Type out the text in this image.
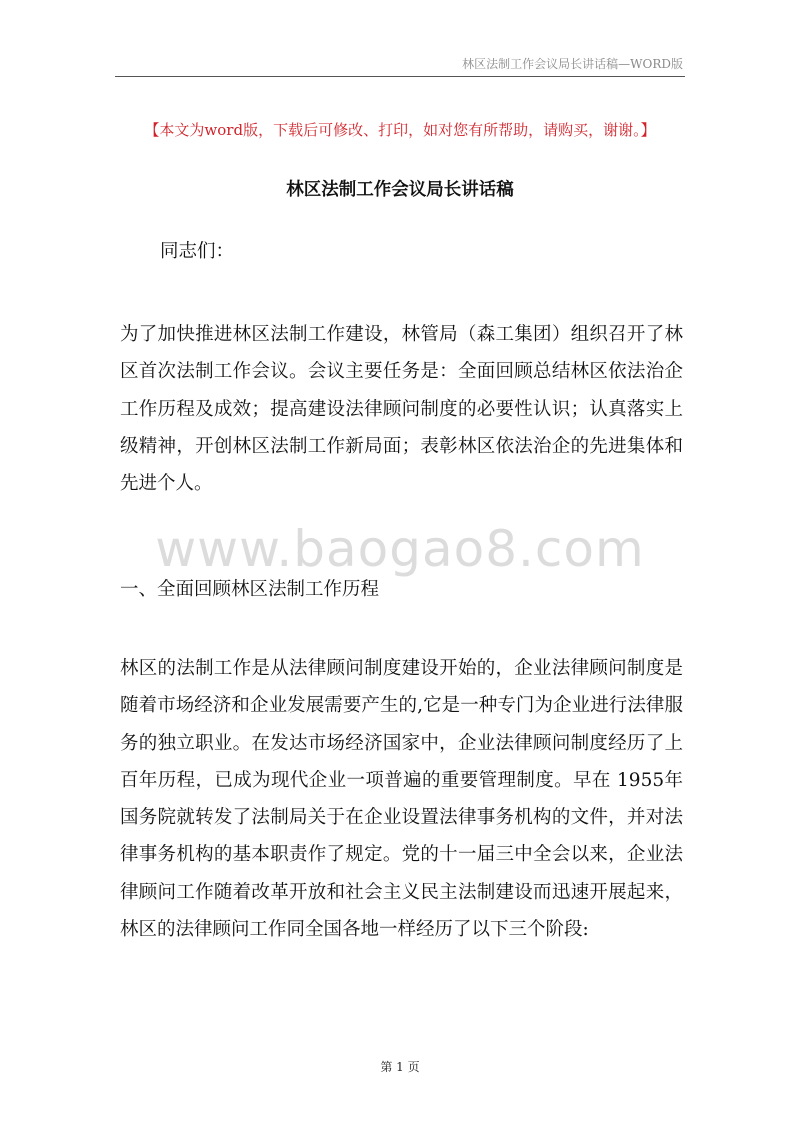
林区法制工作会议局长讲话稿—WORD版
【本文为word版，下载后可修改、打印，如对您有所帮助，请购买，谢谢。】
林区法制工作会议局长讲话稿
同志们：

为了加快推进林区法制工作建设，林管局（森工集团）组织召开了林区首次法制工作会议。会议主要任务是：全面回顾总结林区依法治企工作历程及成效；提高建设法律顾问制度的必要性认识；认真落实上级精神，开创林区法制工作新局面；表彰林区依法治企的先进集体和先进个人。

www.baogao8.com
一、全面回顾林区法制工作历程

林区的法制工作是从法律顾问制度建设开始的，企业法律顾问制度是随着市场经济和企业发展需要产生的,它是一种专门为企业进行法律服务的独立职业。在发达市场经济国家中，企业法律顾问制度经历了上百年历程，已成为现代企业一项普遍的重要管理制度。早在 1955年国务院就转发了法制局关于在企业设置法律事务机构的文件，并对法律事务机构的基本职责作了规定。党的十一届三中全会以来，企业法律顾问工作随着改革开放和社会主义民主法制建设而迅速开展起来，林区的法律顾问工作同全国各地一样经历了以下三个阶段:

第 1 页
